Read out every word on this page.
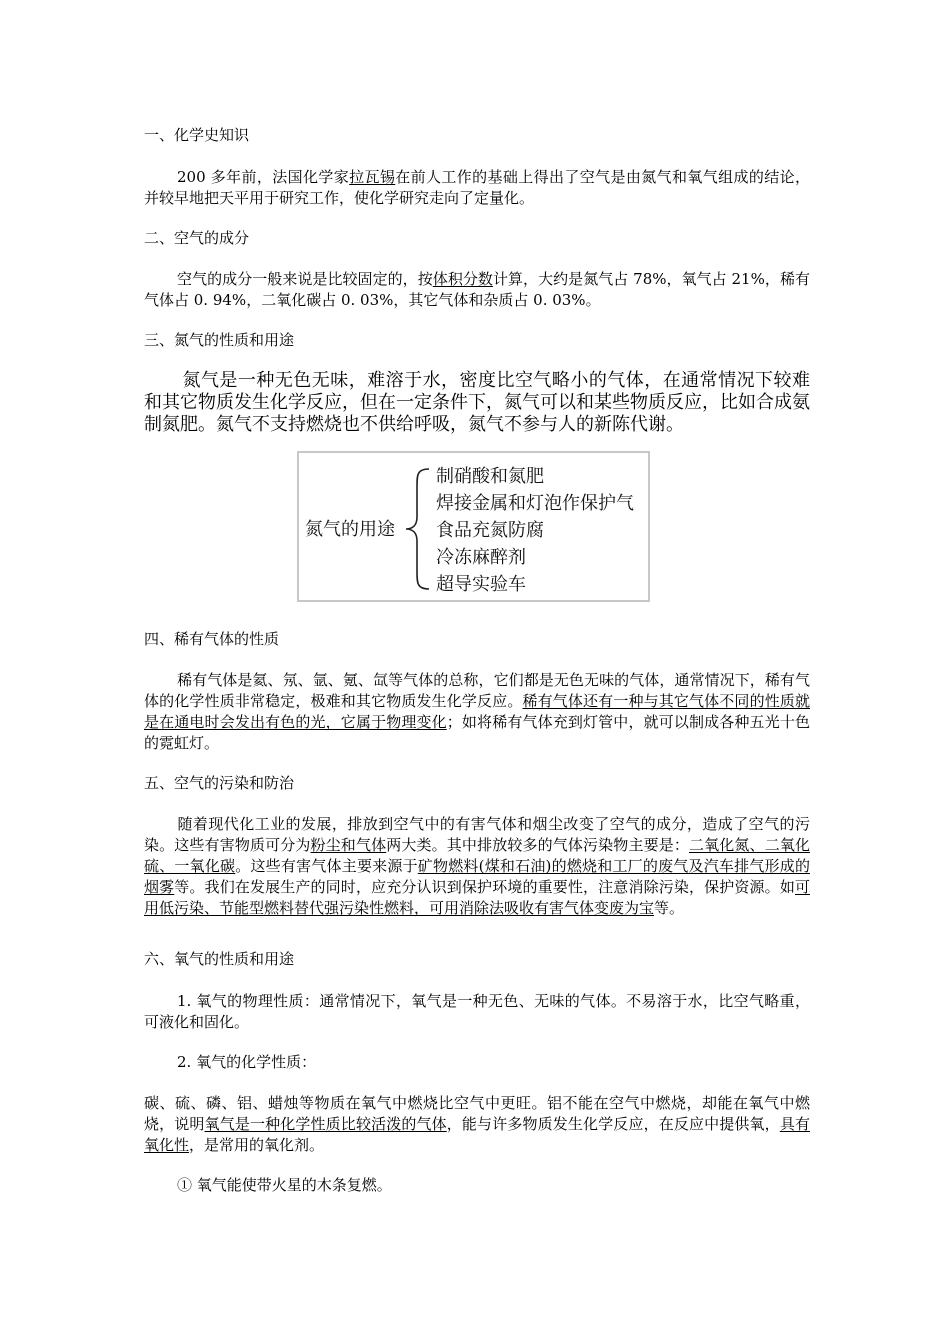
一、化学史知识

200 多年前，法国化学家拉瓦锡在前人工作的基础上得出了空气是由氮气和氧气组成的结论，并较早地把天平用于研究工作，使化学研究走向了定量化。

二、空气的成分

空气的成分一般来说是比较固定的，按体积分数计算，大约是氮气占 78%，氧气占 21%，稀有气体占 0. 94%，二氧化碳占 0. 03%，其它气体和杂质占 0. 03%。

三、氮气的性质和用途

氮气是一种无色无味，难溶于水，密度比空气略小的气体，在通常情况下较难和其它物质发生化学反应，但在一定条件下，氮气可以和某些物质反应，比如合成氨制氮肥。氮气不支持燃烧也不供给呼吸，氮气不参与人的新陈代谢。

氮气的用途
制硝酸和氮肥
焊接金属和灯泡作保护气
食品充氮防腐
冷冻麻醉剂
超导实验车

四、稀有气体的性质

稀有气体是氦、氖、氩、氪、氙等气体的总称，它们都是无色无味的气体，通常情况下，稀有气体的化学性质非常稳定，极难和其它物质发生化学反应。稀有气体还有一种与其它气体不同的性质就是在通电时会发出有色的光，它属于物理变化；如将稀有气体充到灯管中，就可以制成各种五光十色的霓虹灯。

五、空气的污染和防治

随着现代化工业的发展，排放到空气中的有害气体和烟尘改变了空气的成分，造成了空气的污染。这些有害物质可分为粉尘和气体两大类。其中排放较多的气体污染物主要是：二氧化氮、二氧化硫、一氧化碳。这些有害气体主要来源于矿物燃料(煤和石油)的燃烧和工厂的废气及汽车排气形成的烟雾等。我们在发展生产的同时，应充分认识到保护环境的重要性，注意消除污染，保护资源。如可用低污染、节能型燃料替代强污染性燃料，可用消除法吸收有害气体变废为宝等。

六、氧气的性质和用途

1. 氧气的物理性质：通常情况下，氧气是一种无色、无味的气体。不易溶于水，比空气略重，可液化和固化。

2. 氧气的化学性质：

碳、硫、磷、铝、蜡烛等物质在氧气中燃烧比空气中更旺。铝不能在空气中燃烧，却能在氧气中燃烧，说明氧气是一种化学性质比较活泼的气体，能与许多物质发生化学反应，在反应中提供氧，具有氧化性，是常用的氧化剂。

① 氧气能使带火星的木条复燃。
